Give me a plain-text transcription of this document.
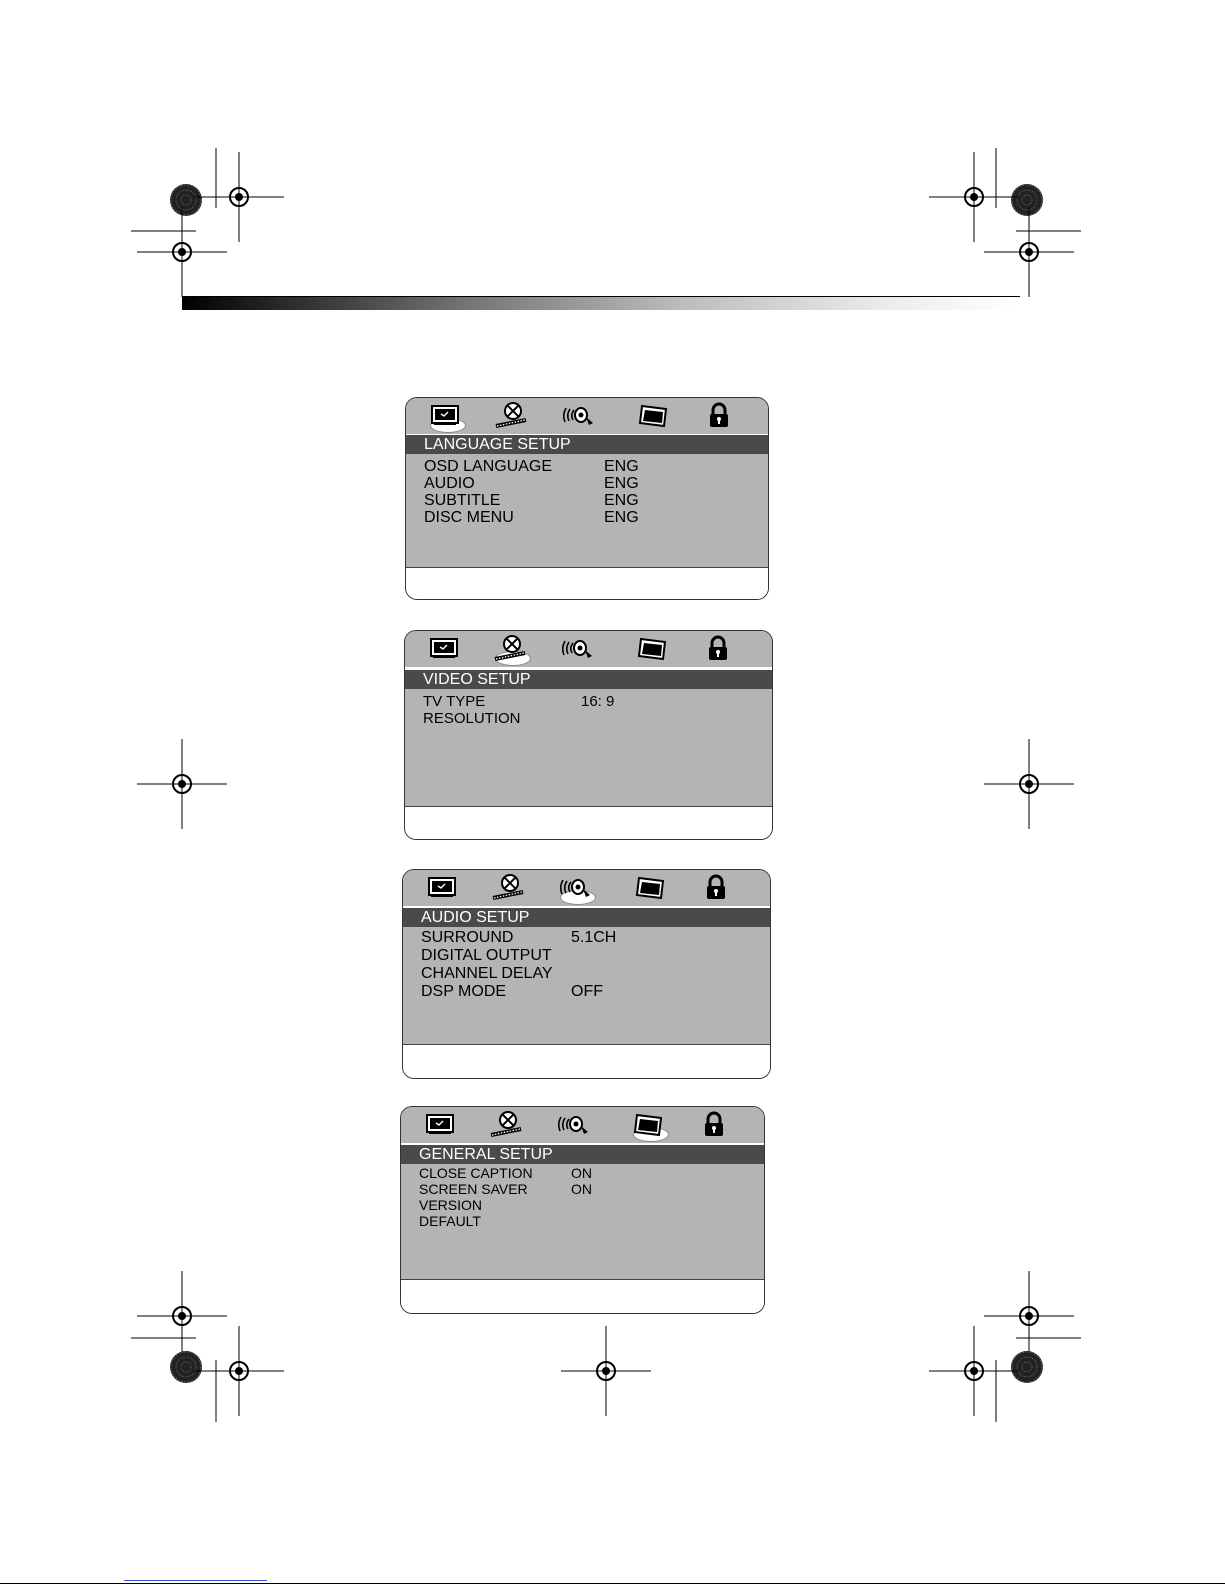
LANGUAGE SETUP
OSD LANGUAGE	ENG
AUDIO	ENG
SUBTITLE	ENG
DISC MENU	ENG
VIDEO SETUP
TV TYPE	16: 9
RESOLUTION
AUDIO SETUP
SURROUND	5.1CH
DIGITAL OUTPUT
CHANNEL DELAY
DSP MODE	OFF
GENERAL SETUP
CLOSE CAPTION	ON
SCREEN SAVER	ON
VERSION
DEFAULT
